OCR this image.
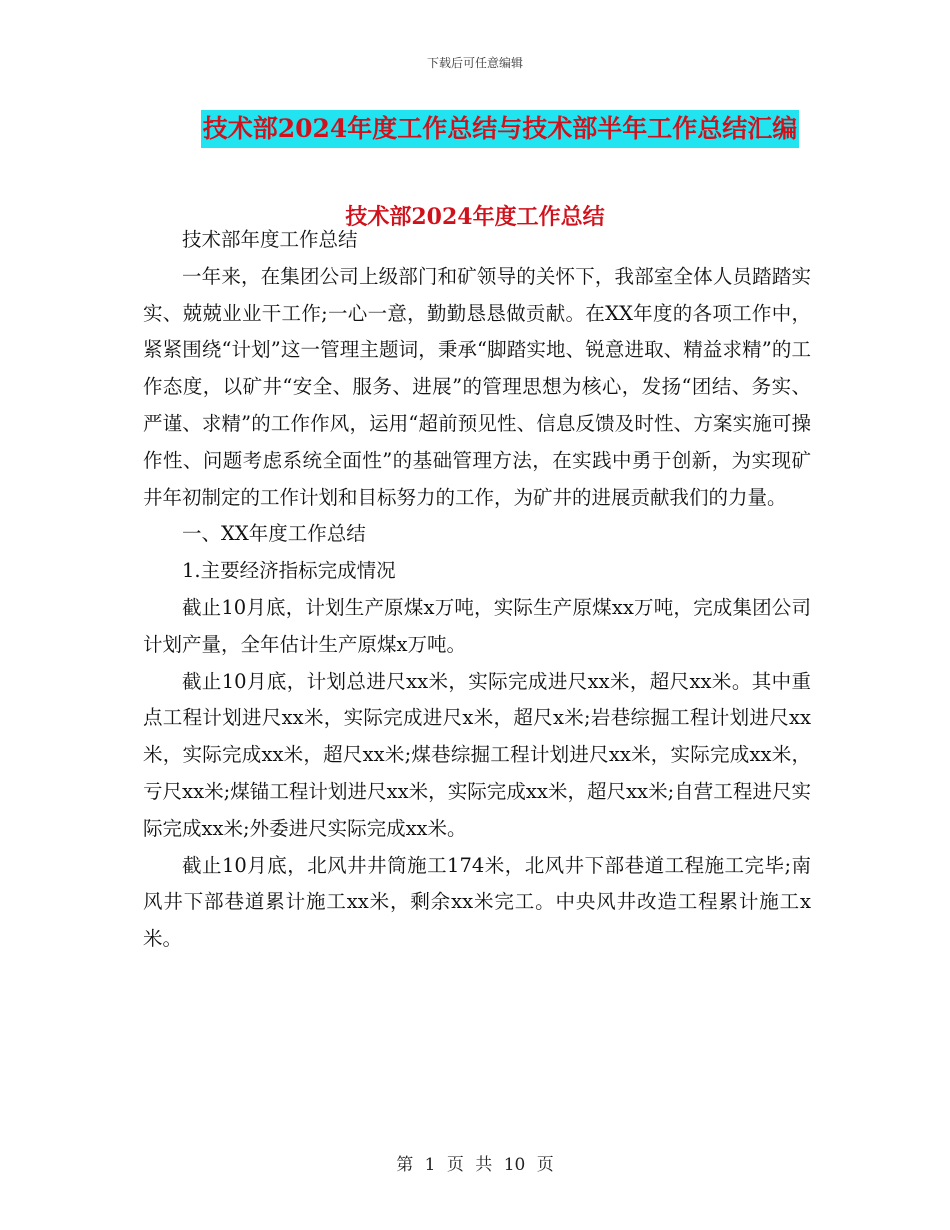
下载后可任意编辑
技术部2024年度工作总结与技术部半年工作总结汇编
技术部2024年度工作总结

技术部年度工作总结

一年来，在集团公司上级部门和矿领导的关怀下，我部室全体人员踏踏实实、兢兢业业干工作;一心一意，勤勤恳恳做贡献。在XX年度的各项工作中，紧紧围绕“计划”这一管理主题词，秉承“脚踏实地、锐意进取、精益求精”的工作态度，以矿井“安全、服务、进展”的管理思想为核心，发扬“团结、务实、严谨、求精”的工作作风，运用“超前预见性、信息反馈及时性、方案实施可操作性、问题考虑系统全面性”的基础管理方法，在实践中勇于创新，为实现矿井年初制定的工作计划和目标努力的工作，为矿井的进展贡献我们的力量。

一、XX年度工作总结

1.主要经济指标完成情况

截止10月底，计划生产原煤x万吨，实际生产原煤xx万吨，完成集团公司计划产量，全年估计生产原煤x万吨。

截止10月底，计划总进尺xx米，实际完成进尺xx米，超尺xx米。其中重点工程计划进尺xx米，实际完成进尺x米，超尺x米;岩巷综掘工程计划进尺xx米，实际完成xx米，超尺xx米;煤巷综掘工程计划进尺xx米，实际完成xx米，亏尺xx米;煤锚工程计划进尺xx米，实际完成xx米，超尺xx米;自营工程进尺实际完成xx米;外委进尺实际完成xx米。

截止10月底，北风井井筒施工174米，北风井下部巷道工程施工完毕;南风井下部巷道累计施工xx米，剩余xx米完工。中央风井改造工程累计施工x米。

第 1 页 共 10 页
